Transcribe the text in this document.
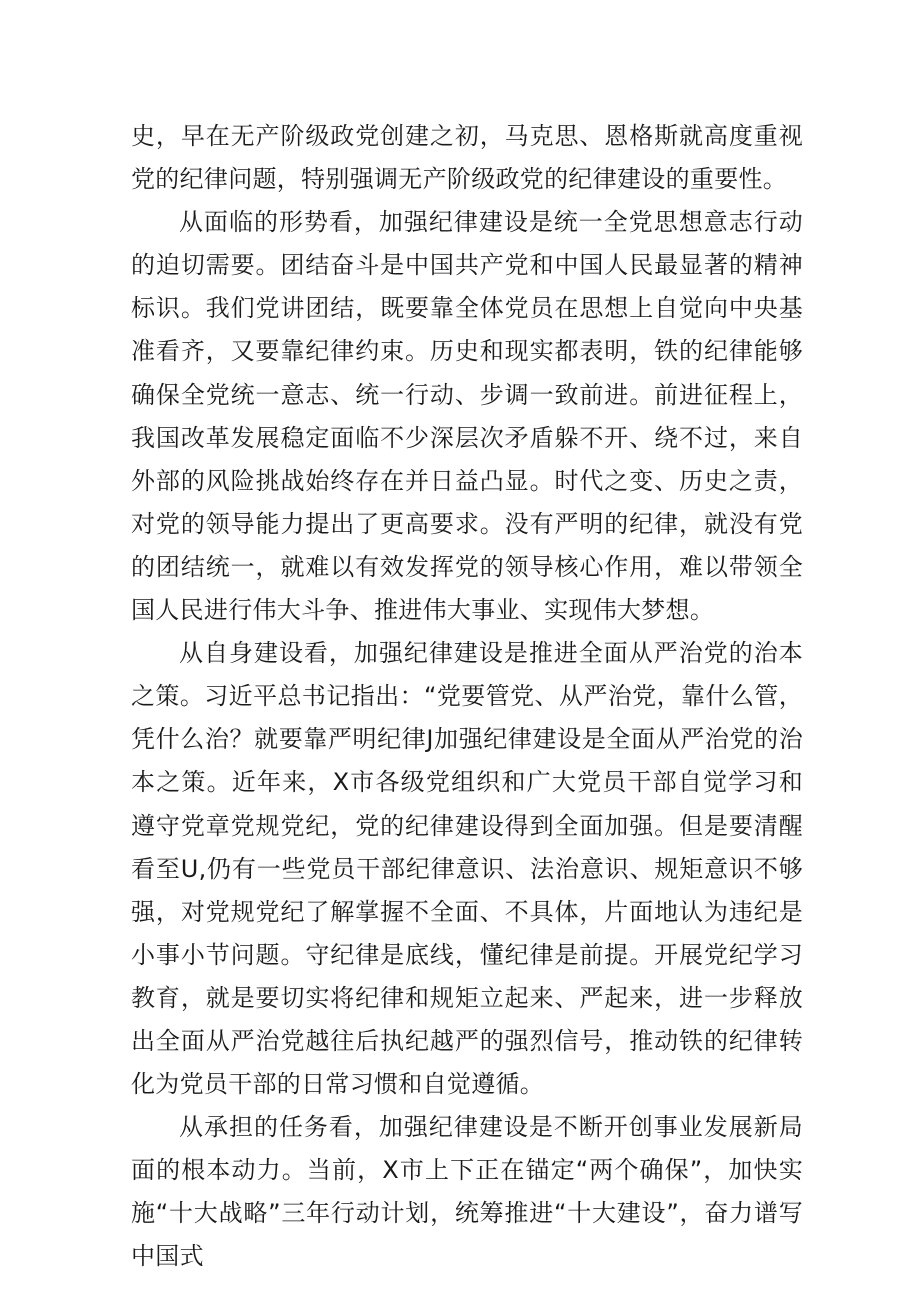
史，早在无产阶级政党创建之初，马克思、恩格斯就高度重视党的纪律问题，特别强调无产阶级政党的纪律建设的重要性。

从面临的形势看，加强纪律建设是统一全党思想意志行动的迫切需要。团结奋斗是中国共产党和中国人民最显著的精神标识。我们党讲团结，既要靠全体党员在思想上自觉向中央基准看齐，又要靠纪律约束。历史和现实都表明，铁的纪律能够确保全党统一意志、统一行动、步调一致前进。前进征程上，我国改革发展稳定面临不少深层次矛盾躲不开、绕不过，来自外部的风险挑战始终存在并日益凸显。时代之变、历史之责，对党的领导能力提出了更高要求。没有严明的纪律，就没有党的团结统一，就难以有效发挥党的领导核心作用，难以带领全国人民进行伟大斗争、推进伟大事业、实现伟大梦想。

从自身建设看，加强纪律建设是推进全面从严治党的治本之策。习近平总书记指出：“党要管党、从严治党，靠什么管，凭什么治？就要靠严明纪律J加强纪律建设是全面从严治党的治本之策。近年来，X市各级党组织和广大党员干部自觉学习和遵守党章党规党纪，党的纪律建设得到全面加强。但是要清醒看至U,仍有一些党员干部纪律意识、法治意识、规矩意识不够强，对党规党纪了解掌握不全面、不具体，片面地认为违纪是小事小节问题。守纪律是底线，懂纪律是前提。开展党纪学习教育，就是要切实将纪律和规矩立起来、严起来，进一步释放出全面从严治党越往后执纪越严的强烈信号，推动铁的纪律转化为党员干部的日常习惯和自觉遵循。

从承担的任务看，加强纪律建设是不断开创事业发展新局面的根本动力。当前，X市上下正在锚定“两个确保”，加快实施“十大战略”三年行动计划，统筹推进“十大建设”，奋力谱写中国式
